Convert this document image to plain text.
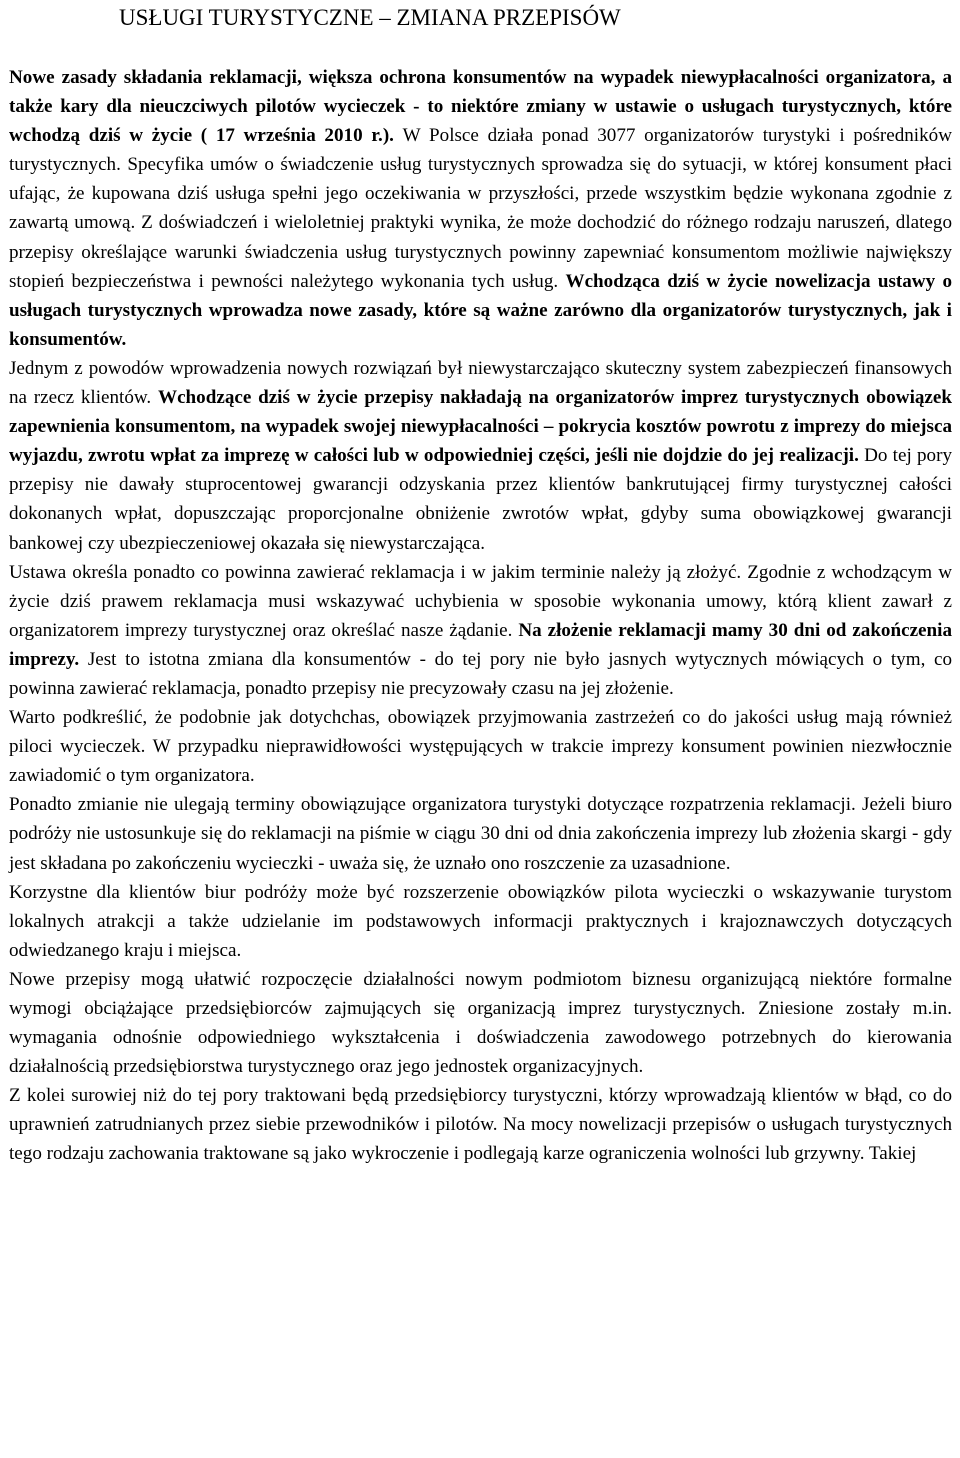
USŁUGI TURYSTYCZNE – ZMIANA PRZEPISÓW

Nowe zasady składania reklamacji, większa ochrona konsumentów na wypadek niewypłacalności organizatora, a także kary dla nieuczciwych pilotów wycieczek - to niektóre zmiany w ustawie o usługach turystycznych, które wchodzą dziś w życie ( 17 września 2010 r.). W Polsce działa ponad 3077 organizatorów turystyki i pośredników turystycznych. Specyfika umów o świadczenie usług turystycznych sprowadza się do sytuacji, w której konsument płaci ufając, że kupowana dziś usługa spełni jego oczekiwania w przyszłości, przede wszystkim będzie wykonana zgodnie z zawartą umową. Z doświadczeń i wieloletniej praktyki wynika, że może dochodzić do różnego rodzaju naruszeń, dlatego przepisy określające warunki świadczenia usług turystycznych powinny zapewniać konsumentom możliwie największy stopień bezpieczeństwa i pewności należytego wykonania tych usług. Wchodząca dziś w życie nowelizacja ustawy o usługach turystycznych wprowadza nowe zasady, które są ważne zarówno dla organizatorów turystycznych, jak i konsumentów.

Jednym z powodów wprowadzenia nowych rozwiązań był niewystarczająco skuteczny system zabezpieczeń finansowych na rzecz klientów. Wchodzące dziś w życie przepisy nakładają na organizatorów imprez turystycznych obowiązek zapewnienia konsumentom, na wypadek swojej niewypłacalności – pokrycia kosztów powrotu z imprezy do miejsca wyjazdu, zwrotu wpłat za imprezę w całości lub w odpowiedniej części, jeśli nie dojdzie do jej realizacji. Do tej pory przepisy nie dawały stuprocentowej gwarancji odzyskania przez klientów bankrutującej firmy turystycznej całości dokonanych wpłat, dopuszczając proporcjonalne obniżenie zwrotów wpłat, gdyby suma obowiązkowej gwarancji bankowej czy ubezpieczeniowej okazała się niewystarczająca.

Ustawa określa ponadto co powinna zawierać reklamacja i w jakim terminie należy ją złożyć. Zgodnie z wchodzącym w życie dziś prawem reklamacja musi wskazywać uchybienia w sposobie wykonania umowy, którą klient zawarł z organizatorem imprezy turystycznej oraz określać nasze żądanie. Na złożenie reklamacji mamy 30 dni od zakończenia imprezy. Jest to istotna zmiana dla konsumentów - do tej pory nie było jasnych wytycznych mówiących o tym, co powinna zawierać reklamacja, ponadto przepisy nie precyzowały czasu na jej złożenie.

Warto podkreślić, że podobnie jak dotychchas, obowiązek przyjmowania zastrzeżeń co do jakości usług mają również piloci wycieczek. W przypadku nieprawidłowości występujących w trakcie imprezy konsument powinien niezwłocznie zawiadomić o tym organizatora.

Ponadto zmianie nie ulegają terminy obowiązujące organizatora turystyki dotyczące rozpatrzenia reklamacji. Jeżeli biuro podróży nie ustosunkuje się do reklamacji na piśmie w ciągu 30 dni od dnia zakończenia imprezy lub złożenia skargi - gdy jest składana po zakończeniu wycieczki - uważa się, że uznało ono roszczenie za uzasadnione.

Korzystne dla klientów biur podróży może być rozszerzenie obowiązków pilota wycieczki o wskazywanie turystom lokalnych atrakcji a także udzielanie im podstawowych informacji praktycznych i krajoznawczych dotyczących odwiedzanego kraju i miejsca.

Nowe przepisy mogą ułatwić rozpoczęcie działalności nowym podmiotom biznesu organizującą niektóre formalne wymogi obciążające przedsiębiorców zajmujących się organizacją imprez turystycznych. Zniesione zostały m.in. wymagania odnośnie odpowiedniego wykształcenia i doświadczenia zawodowego potrzebnych do kierowania działalnością przedsiębiorstwa turystycznego oraz jego jednostek organizacyjnych.

Z kolei surowiej niż do tej pory traktowani będą przedsiębiorcy turystyczni, którzy wprowadzają klientów w błąd, co do uprawnień zatrudnianych przez siebie przewodników i pilotów. Na mocy nowelizacji przepisów o usługach turystycznych tego rodzaju zachowania traktowane są jako wykroczenie i podlegają karze ograniczenia wolności lub grzywny. Takiej
